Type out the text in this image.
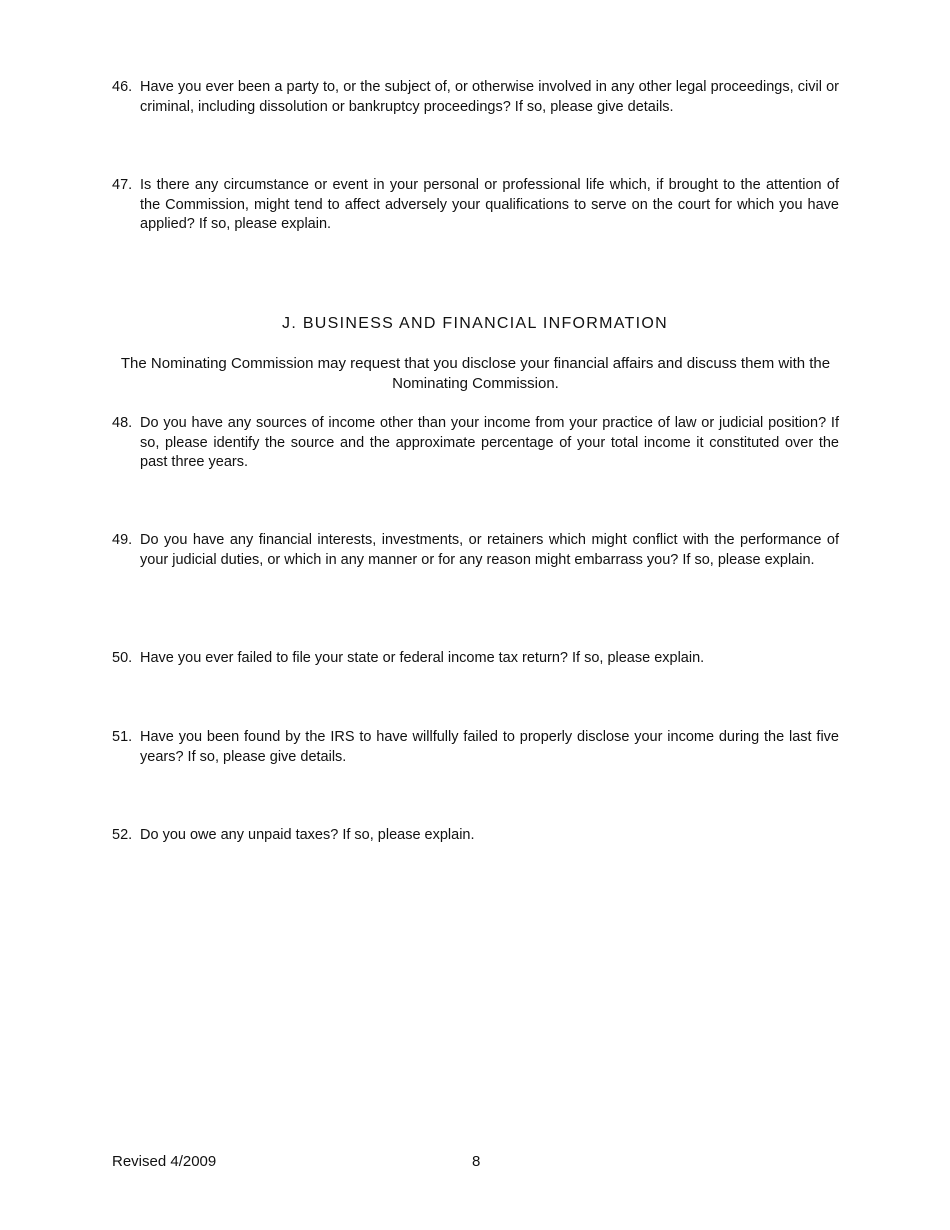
46. Have you ever been a party to, or the subject of, or otherwise involved in any other legal proceedings, civil or criminal, including dissolution or bankruptcy proceedings? If so, please give details.
47. Is there any circumstance or event in your personal or professional life which, if brought to the attention of the Commission, might tend to affect adversely your qualifications to serve on the court for which you have applied? If so, please explain.
J. BUSINESS AND FINANCIAL INFORMATION
The Nominating Commission may request that you disclose your financial affairs and discuss them with the Nominating Commission.
48. Do you have any sources of income other than your income from your practice of law or judicial position? If so, please identify the source and the approximate percentage of your total income it constituted over the past three years.
49. Do you have any financial interests, investments, or retainers which might conflict with the performance of your judicial duties, or which in any manner or for any reason might embarrass you? If so, please explain.
50. Have you ever failed to file your state or federal income tax return? If so, please explain.
51. Have you been found by the IRS to have willfully failed to properly disclose your income during the last five years? If so, please give details.
52. Do you owe any unpaid taxes? If so, please explain.
Revised 4/2009	8
